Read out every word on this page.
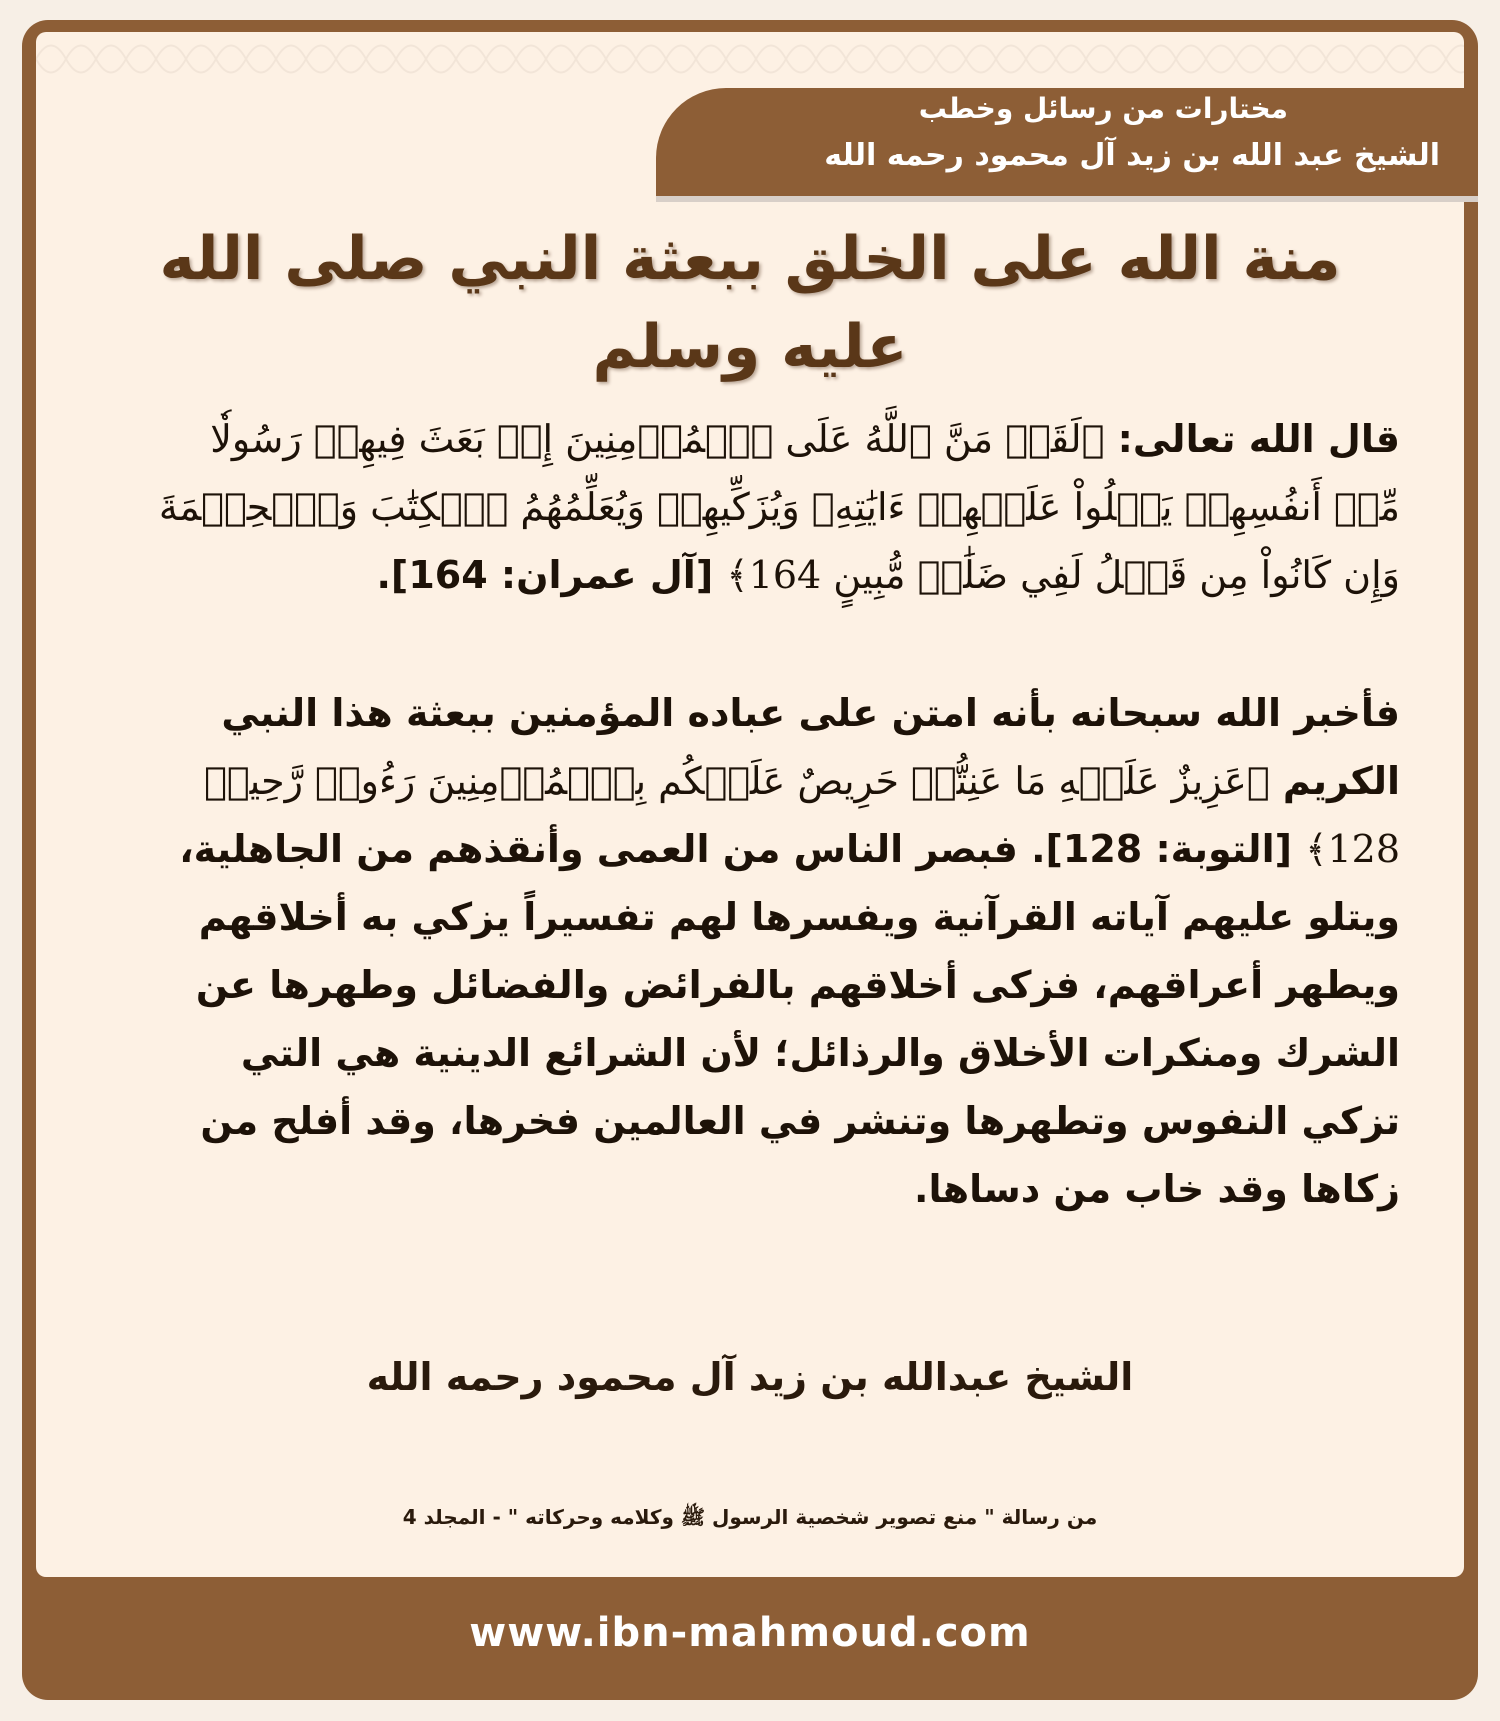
مختارات من رسائل وخطب
الشيخ عبد الله بن زيد آل محمود رحمه الله
منة الله على الخلق ببعثة النبي صلى الله عليه وسلم

قال الله تعالى: ﴿لَقَدۡ مَنَّ ٱللَّهُ عَلَى ٱلۡمُؤۡمِنِينَ إِذۡ بَعَثَ فِيهِمۡ رَسُولٗا مِّنۡ أَنفُسِهِمۡ يَتۡلُواْ عَلَيۡهِمۡ ءَايَٰتِهِۦ وَيُزَكِّيهِمۡ وَيُعَلِّمُهُمُ ٱلۡكِتَٰبَ وَٱلۡحِكۡمَةَ وَإِن كَانُواْ مِن قَبۡلُ لَفِي ضَلَٰلٖ مُّبِينٍ 164﴾ [آل عمران: 164].

فأخبر الله سبحانه بأنه امتن على عباده المؤمنين ببعثة هذا النبي الكريم ﴿عَزِيزٌ عَلَيۡهِ مَا عَنِتُّمۡ حَرِيصٌ عَلَيۡكُم بِٱلۡمُؤۡمِنِينَ رَءُوفٞ رَّحِيمٞ 128﴾ [التوبة: 128]. فبصر الناس من العمى وأنقذهم من الجاهلية، ويتلو عليهم آياته القرآنية ويفسرها لهم تفسيراً يزكي به أخلاقهم ويطهر أعراقهم، فزكى أخلاقهم بالفرائض والفضائل وطهرها عن الشرك ومنكرات الأخلاق والرذائل؛ لأن الشرائع الدينية هي التي تزكي النفوس وتطهرها وتنشر في العالمين فخرها، وقد أفلح من زكاها وقد خاب من دساها.

الشيخ عبدالله بن زيد آل محمود رحمه الله
من رسالة " منع تصوير شخصية الرسول ﷺ وكلامه وحركاته " - المجلد 4
www.ibn-mahmoud.com
